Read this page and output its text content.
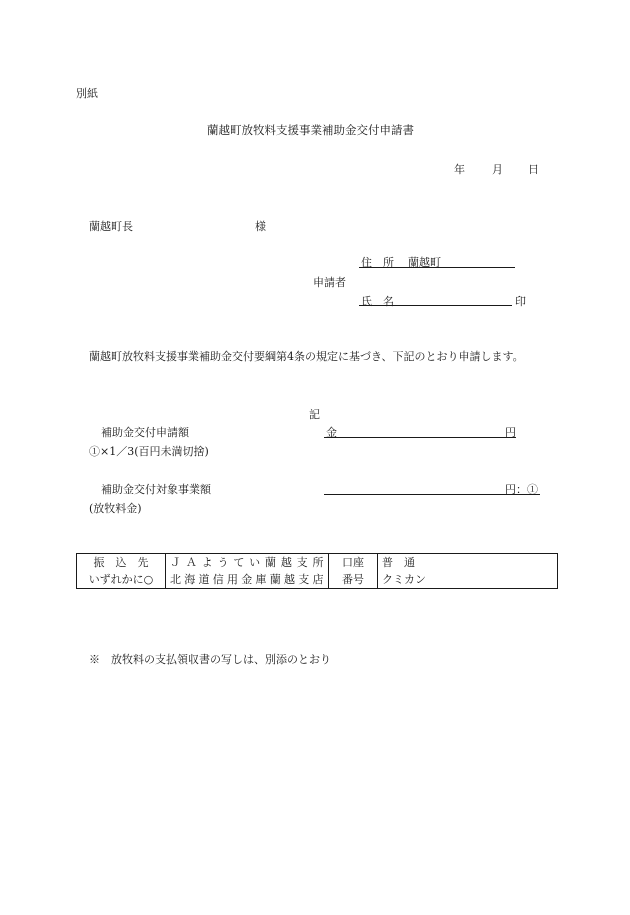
別紙
蘭越町放牧料支援事業補助金交付申請書
年 月 日
蘭越町長	様
住　所 蘭越町
申請者
氏　名	印
蘭越町放牧料支援事業補助金交付要綱第4条の規定に基づき、下記のとおり申請します。
記
補助金交付申請額	金	円
①×1／3(百円未満切捨)
補助金交付対象事業額	円：①
(放牧料金)
振　込　先	ＪＡようてい蘭越支所	口座	普　通
いずれかに○	北海道信用金庫蘭越支店	番号	クミカン
※　放牧料の支払領収書の写しは、別添のとおり
